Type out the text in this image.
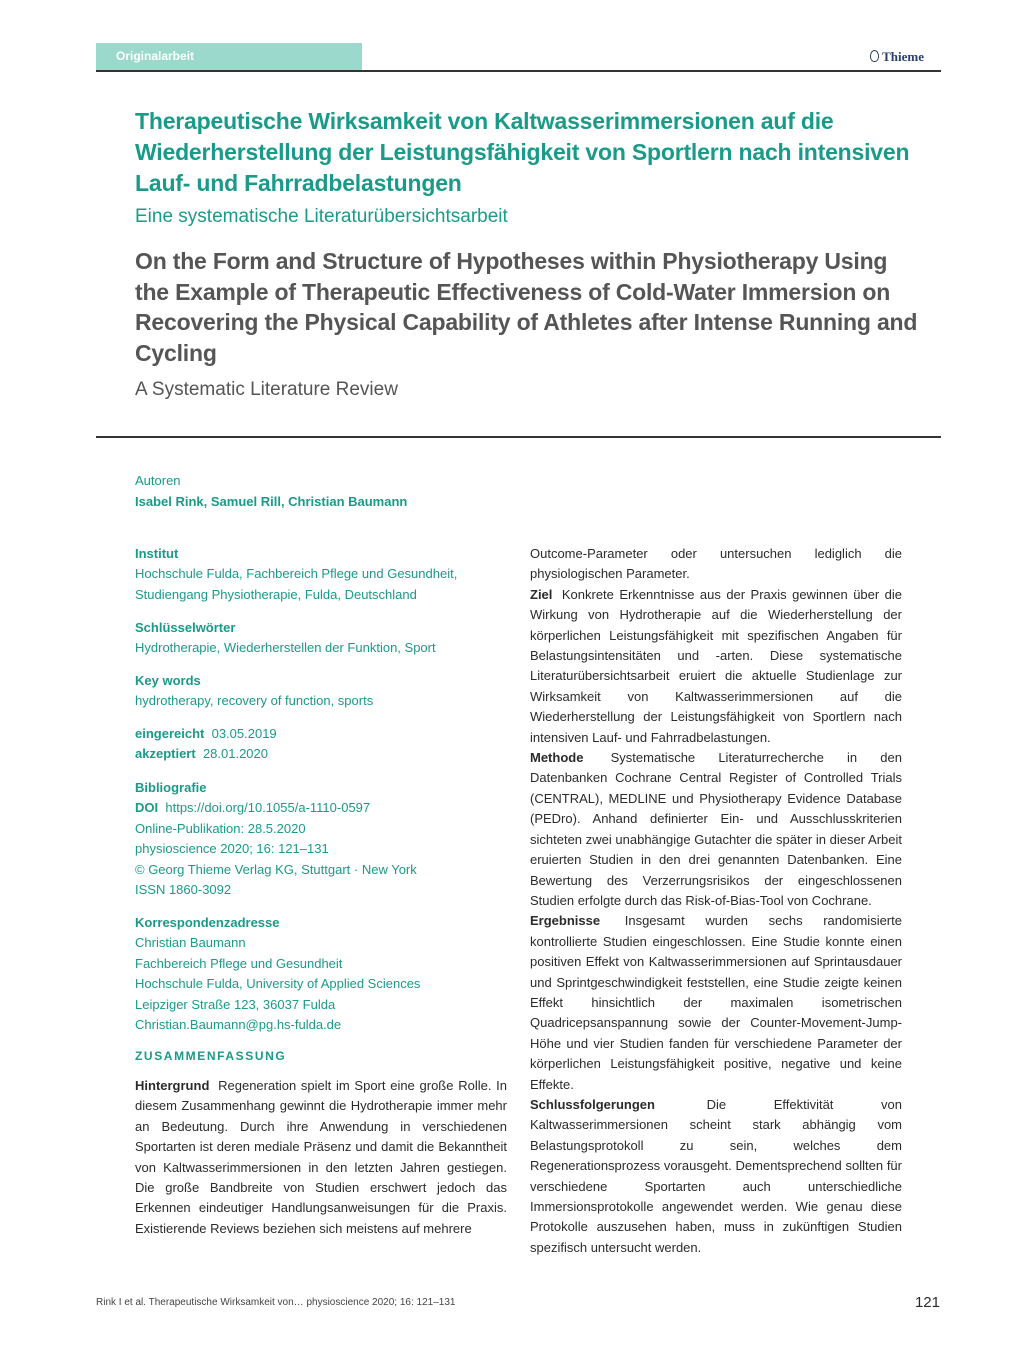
Originalarbeit	Thieme
Therapeutische Wirksamkeit von Kaltwasserimmersionen auf die Wiederherstellung der Leistungsfähigkeit von Sportlern nach intensiven Lauf- und Fahrradbelastungen
Eine systematische Literaturübersichtsarbeit
On the Form and Structure of Hypotheses within Physiotherapy Using the Example of Therapeutic Effectiveness of Cold-Water Immersion on Recovering the Physical Capability of Athletes after Intense Running and Cycling
A Systematic Literature Review
Autoren
Isabel Rink, Samuel Rill, Christian Baumann
Institut
Hochschule Fulda, Fachbereich Pflege und Gesundheit,
Studiengang Physiotherapie, Fulda, Deutschland
Schlüsselwörter
Hydrotherapie, Wiederherstellen der Funktion, Sport
Key words
hydrotherapy, recovery of function, sports
eingereicht 03.05.2019
akzeptiert 28.01.2020
Bibliografie
DOI https://doi.org/10.1055/a-1110-0597
Online-Publikation: 28.5.2020
physioscience 2020; 16: 121–131
© Georg Thieme Verlag KG, Stuttgart · New York
ISSN 1860-3092
Korrespondenzadresse
Christian Baumann
Fachbereich Pflege und Gesundheit
Hochschule Fulda, University of Applied Sciences
Leipziger Straße 123, 36037 Fulda
Christian.Baumann@pg.hs-fulda.de
ZUSAMMENFASSUNG

Hintergrund Regeneration spielt im Sport eine große Rolle. In diesem Zusammenhang gewinnt die Hydrotherapie immer mehr an Bedeutung. Durch ihre Anwendung in verschiedenen Sportarten ist deren mediale Präsenz und damit die Bekanntheit von Kaltwasserimmersionen in den letzten Jahren gestiegen. Die große Bandbreite von Studien erschwert jedoch das Erkennen eindeutiger Handlungsanweisungen für die Praxis. Existierende Reviews beziehen sich meistens auf mehrere

Outcome-Parameter oder untersuchen lediglich die physiologischen Parameter.

Ziel Konkrete Erkenntnisse aus der Praxis gewinnen über die Wirkung von Hydrotherapie auf die Wiederherstellung der körperlichen Leistungsfähigkeit mit spezifischen Angaben für Belastungsintensitäten und -arten. Diese systematische Literaturübersichtsarbeit eruiert die aktuelle Studienlage zur Wirksamkeit von Kaltwasserimmersionen auf die Wiederherstellung der Leistungsfähigkeit von Sportlern nach intensiven Lauf- und Fahrradbelastungen.

Methode Systematische Literaturrecherche in den Datenbanken Cochrane Central Register of Controlled Trials (CENTRAL), MEDLINE und Physiotherapy Evidence Database (PEDro). Anhand definierter Ein- und Ausschlusskriterien sichteten zwei unabhängige Gutachter die später in dieser Arbeit eruierten Studien in den drei genannten Datenbanken. Eine Bewertung des Verzerrungsrisikos der eingeschlossenen Studien erfolgte durch das Risk-of-Bias-Tool von Cochrane.

Ergebnisse Insgesamt wurden sechs randomisierte kontrollierte Studien eingeschlossen. Eine Studie konnte einen positiven Effekt von Kaltwasserimmersionen auf Sprintausdauer und Sprintgeschwindigkeit feststellen, eine Studie zeigte keinen Effekt hinsichtlich der maximalen isometrischen Quadricepsanspannung sowie der Counter-Movement-Jump-Höhe und vier Studien fanden für verschiedene Parameter der körperlichen Leistungsfähigkeit positive, negative und keine Effekte.

Schlussfolgerungen	Die Effektivität von Kaltwasserimmersionen scheint stark abhängig vom Belastungsprotokoll zu sein, welches dem Regenerationsprozess vorausgeht. Dementsprechend sollten für verschiedene Sportarten auch unterschiedliche Immersionsprotokolle angewendet werden. Wie genau diese Protokolle auszusehen haben, muss in zukünftigen Studien spezifisch untersucht werden.

Rink I et al. Therapeutische Wirksamkeit von… physioscience 2020; 16: 121–131	121
